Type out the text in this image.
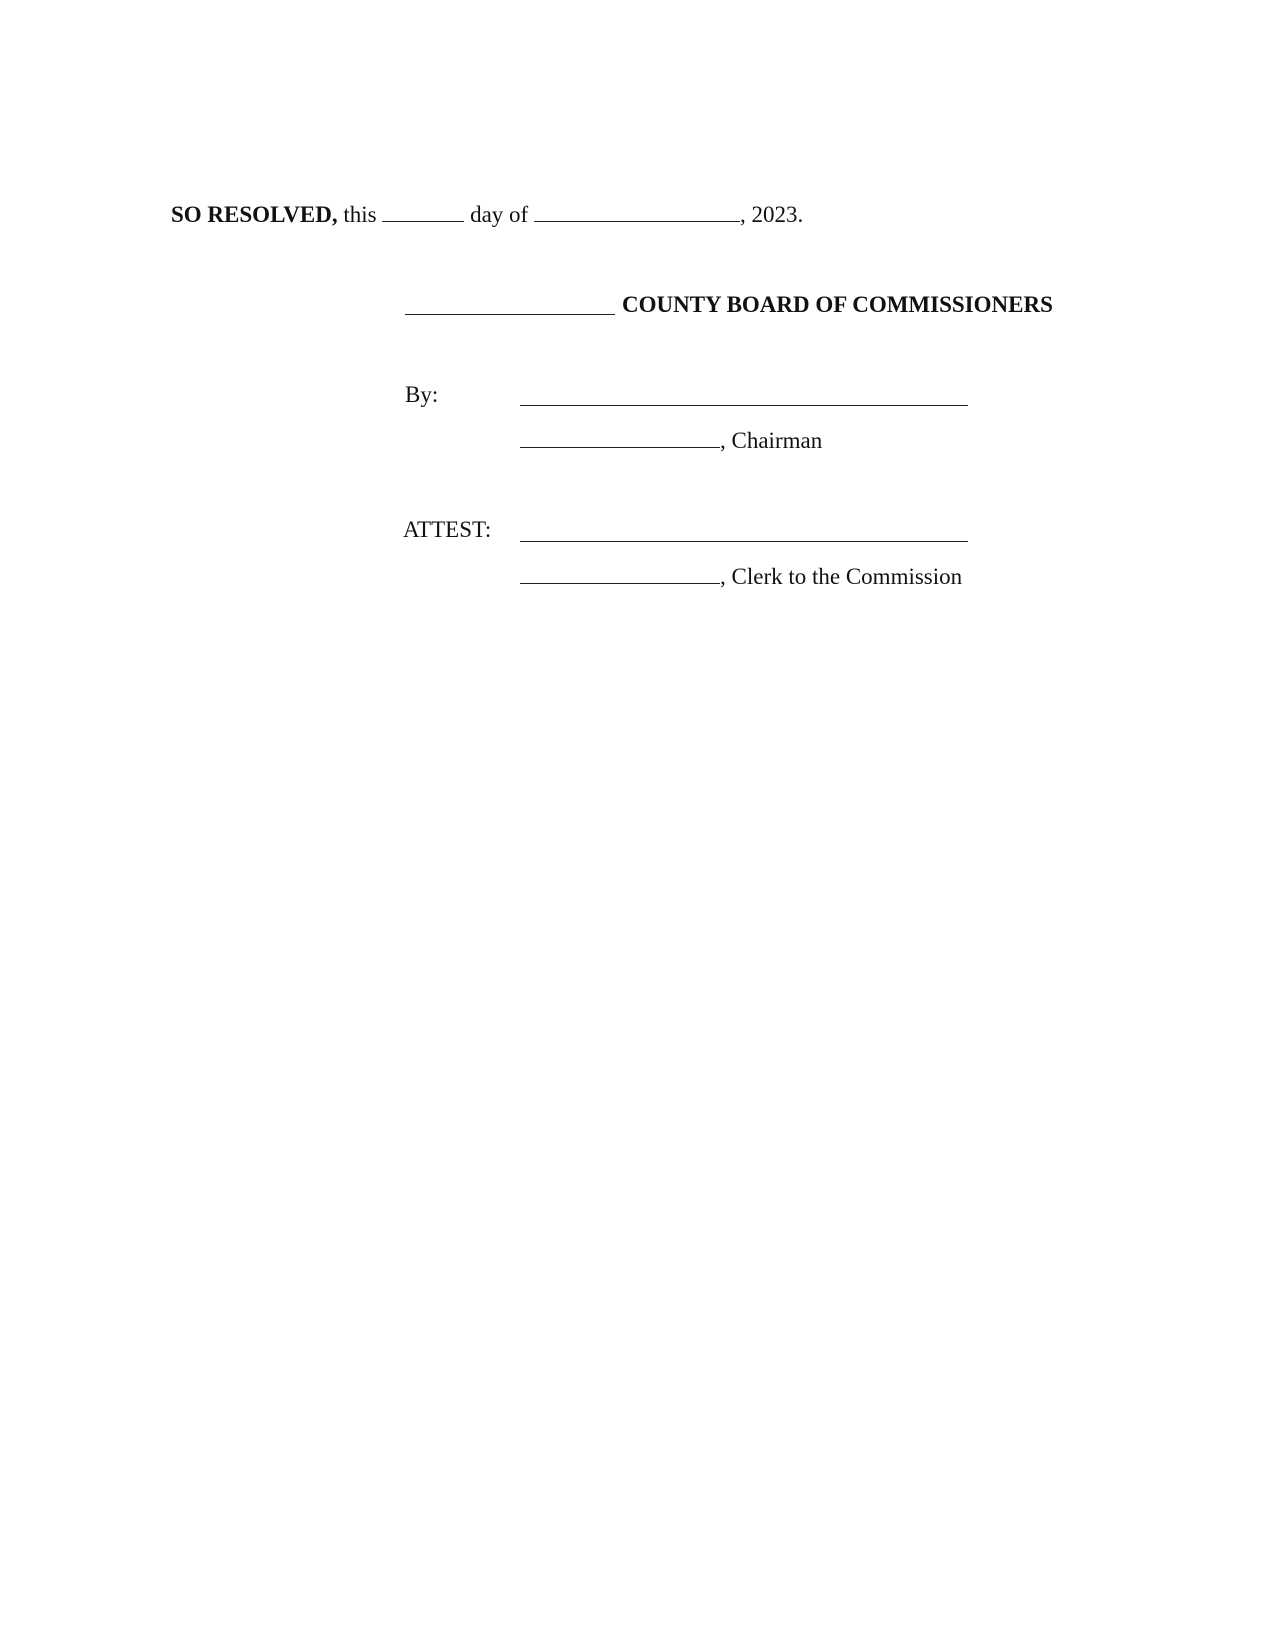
SO RESOLVED, this	day of	, 2023.
COUNTY BOARD OF COMMISSIONERS
By:
, Chairman
ATTEST:
, Clerk to the Commission
